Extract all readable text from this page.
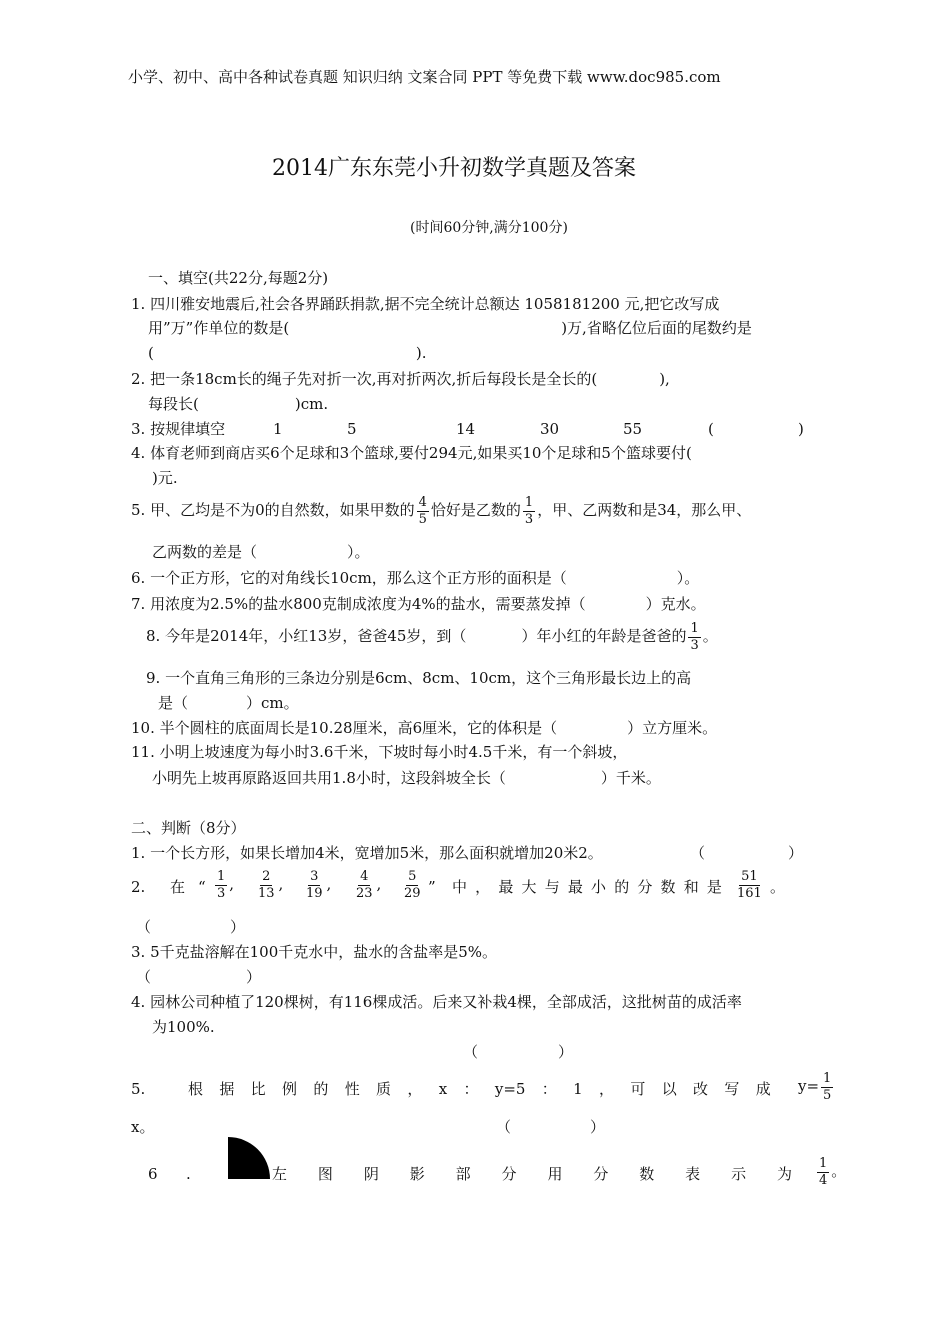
小学、初中、高中各种试卷真题 知识归纳 文案合同 PPT 等免费下载 www.doc985.com
2014广东东莞小升初数学真题及答案
(时间60分钟,满分100分)
一、填空(共22分,每题2分)
1. 四川雅安地震后,社会各界踊跃捐款,据不完全统计总额达 1058181200 元,把它改写成
用”万”作单位的数是(	)万,省略亿位后面的尾数约是
(	).
2. 把一条18cm长的绳子先对折一次,再对折两次,折后每段长是全长的(	),
每段长(	)cm.
3. 按规律填空	1	5	14	30	55	(	)
4. 体育老师到商店买6个足球和3个篮球,要付294元,如果买10个足球和5个篮球要付(
)元.
5. 甲、乙均是不为0的自然数，如果甲数的 $\frac{4}{5}$ 恰好是乙数的 $\frac{1}{3}$ ，甲、乙两数和是34，那么甲、
乙两数的差是（	）。
6. 一个正方形，它的对角线长10cm，那么这个正方形的面积是（	）。
7. 用浓度为2.5%的盐水800克制成浓度为4%的盐水，需要蒸发掉（	）克水。
8. 今年是2014年，小红13岁，爸爸45岁，到（	）年小红的年龄是爸爸的 $\frac{1}{3}$ 。
9. 一个直角三角形的三条边分别是6cm、8cm、10cm，这个三角形最长边上的高
是（	）cm。
10. 半个圆柱的底面周长是10.28厘米，高6厘米，它的体积是（	）立方厘米。
11. 小明上坡速度为每小时3.6千米，下坡时每小时4.5千米，有一个斜坡，
小明先上坡再原路返回共用1.8小时，这段斜坡全长（	）千米。
二、判断（8分）
1. 一个长方形，如果长增加4米，宽增加5米，那么面积就增加20米2。	（	）
2. 在 “ $\frac{1}{3}$ , $\frac{2}{13}$ , $\frac{3}{19}$ , $\frac{4}{23}$ , $\frac{5}{29}$ ” 中 ， 最 大 与 最 小 的 分 数 和 是 $\frac{51}{161}$ 。
（	）
3. 5千克盐溶解在100千克水中，盐水的含盐率是5%。
（	）
4. 园林公司种植了120棵树，有116棵成活。后来又补栽4棵，全部成活，这批树苗的成活率
为100%.
（	）
5.	根 据 比 例 的 性 质 ， x ： y=5 ： 1 ， 可 以 改 写 成 $y= \frac{1}{5}$
x。	（	）
6 .	左 图 阴 影 部 分 用 分 数 表 示 为 $\frac{1}{4}$ 。
